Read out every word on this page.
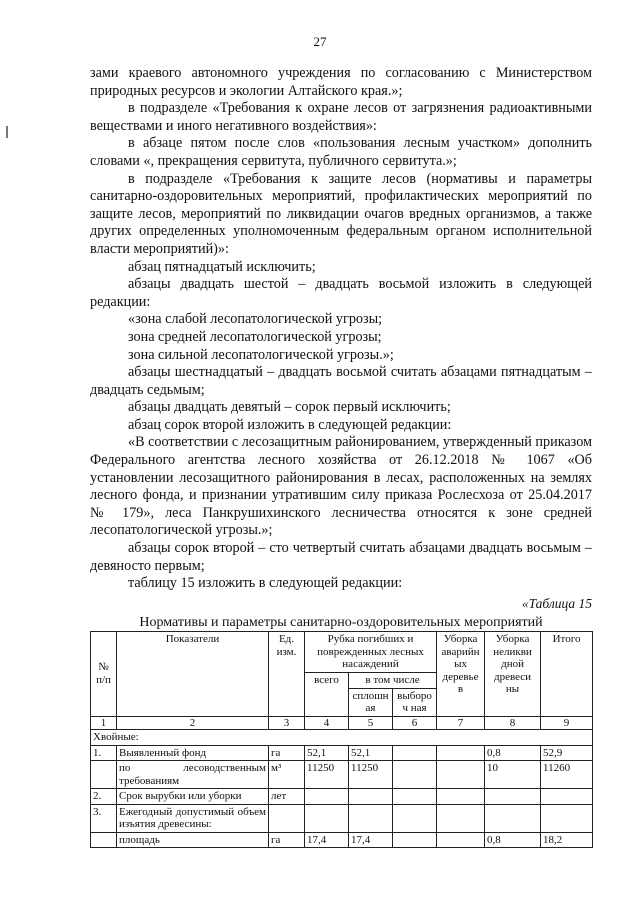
27

зами краевого автономного учреждения по согласованию с Министерством природных ресурсов и экологии Алтайского края.»;

в подразделе «Требования к охране лесов от загрязнения радиоактивными веществами и иного негативного воздействия»:

в абзаце пятом после слов «пользования лесным участком» дополнить словами «, прекращения сервитута, публичного сервитута.»;

в подразделе «Требования к защите лесов (нормативы и параметры санитарно-оздоровительных мероприятий, профилактических мероприятий по защите лесов, мероприятий по ликвидации очагов вредных организмов, а также других определенных уполномоченным федеральным органом исполнительной власти мероприятий)»:

абзац пятнадцатый исключить;

абзацы двадцать шестой – двадцать восьмой изложить в следующей редакции:

«зона слабой лесопатологической угрозы;

зона средней лесопатологической угрозы;

зона сильной лесопатологической угрозы.»;

абзацы шестнадцатый – двадцать восьмой считать абзацами пятнадцатым – двадцать седьмым;

абзацы двадцать девятый – сорок первый исключить;

абзац сорок второй изложить в следующей редакции:

«В соответствии с лесозащитным районированием, утвержденный приказом Федерального агентства лесного хозяйства от 26.12.2018 № 1067 «Об установлении лесозащитного районирования в лесах, расположенных на землях лесного фонда, и признании утратившим силу приказа Рослесхоза от 25.04.2017 № 179», леса Панкрушихинского лесничества относятся к зоне средней лесопатологической угрозы.»;

абзацы сорок второй – сто четвертый считать абзацами двадцать восьмым – девяносто первым;

таблицу 15 изложить в следующей редакции:

«Таблица 15

Нормативы и параметры санитарно-оздоровительных мероприятий

№ п/п	Показатели	Ед. изм.	Рубка погибших и поврежденных лесных насаждений			Уборка аварийн ых деревье в	Уборка неликви дной древеси ны	Итого
			всего	в том числе				
				сплошн ая	выбороч ная			
1	2	3	4	5	6	7	8	9
Хвойные:								
1.	Выявленный фонд	га	52,1	52,1			0,8	52,9
	по лесоводственным требованиям	м³	11250	11250			10	11260
2.	Срок вырубки или уборки	лет						
3.	Ежегодный допустимый объем изъятия древесины:							
	площадь	га	17,4	17,4			0,8	18,2
